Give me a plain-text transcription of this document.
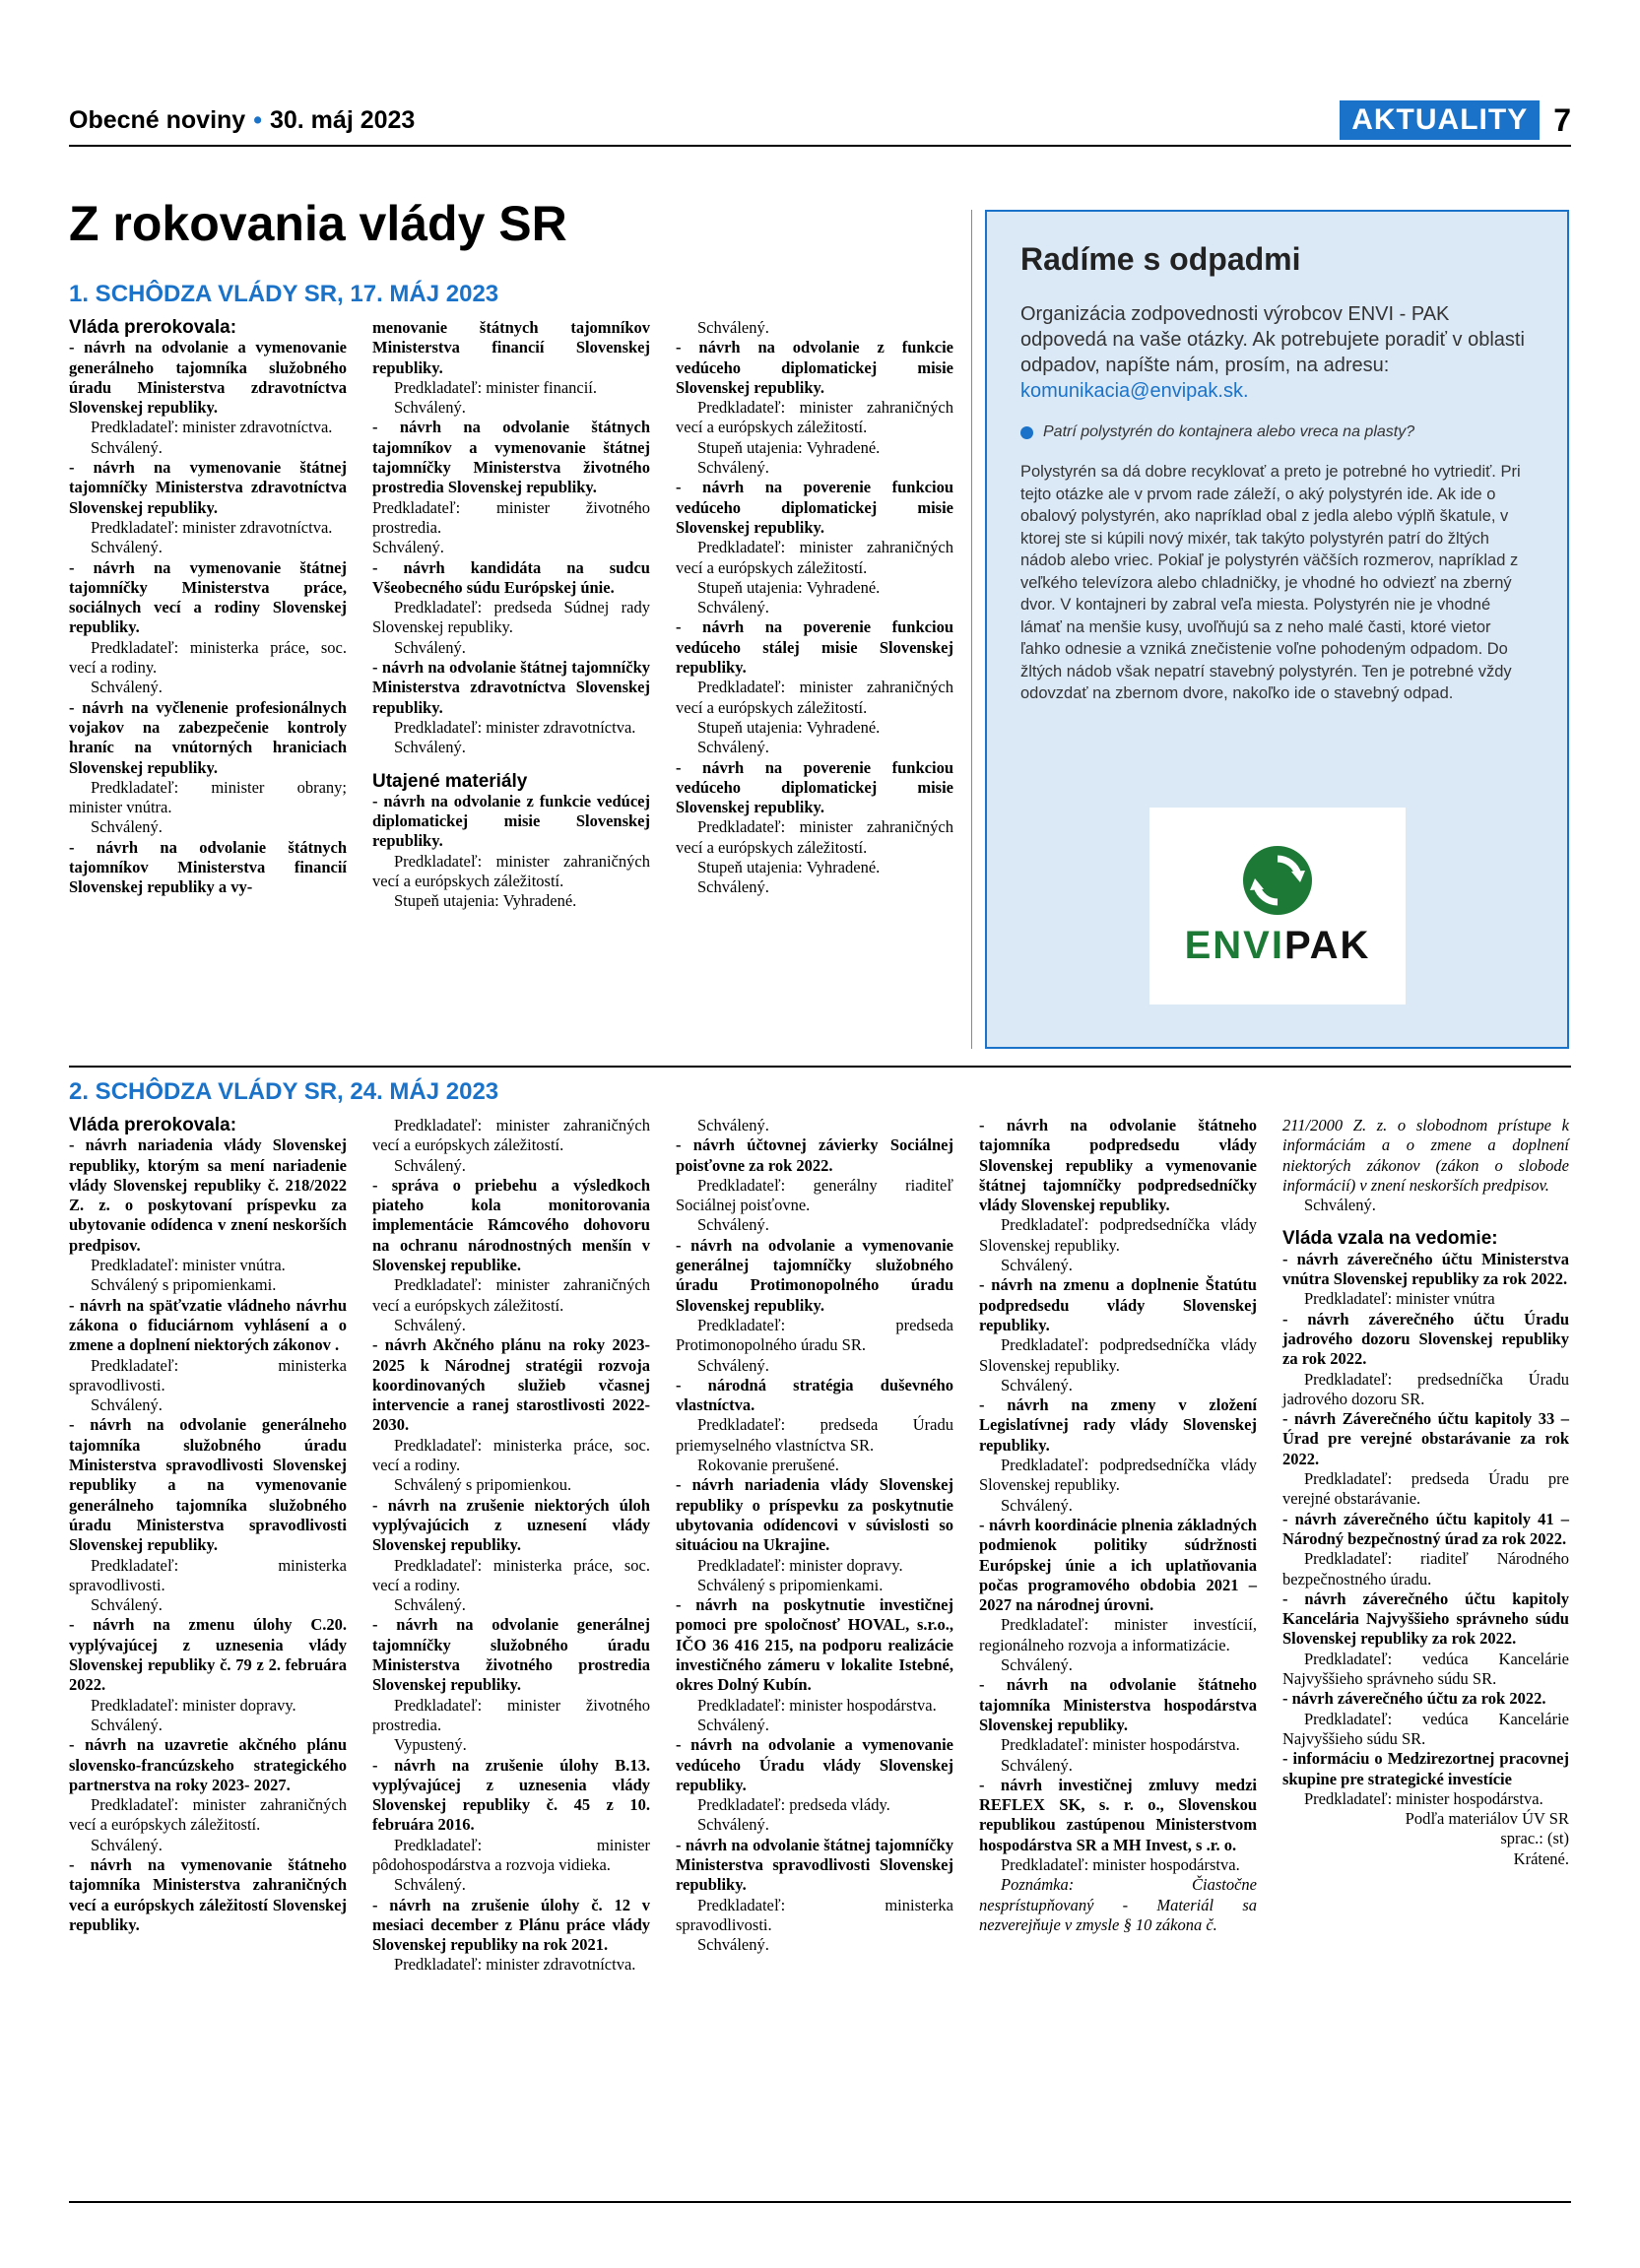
Obecné noviny • 30. máj 2023	AKTUALITY 7
Z rokovania vlády SR
1. SCHÔDZA VLÁDY SR, 17. MÁJ 2023

Vláda prerokovala:

- návrh na odvolanie a vymenovanie generálneho tajomníka služobného úradu Ministerstva zdravotníctva Slovenskej republiky.

Predkladateľ: minister zdravotníctva.

Schválený.

- návrh na vymenovanie štátnej tajomníčky Ministerstva zdravotníctva Slovenskej republiky.

Predkladateľ: minister zdravotníctva.

Schválený.

- návrh na vymenovanie štátnej tajomníčky Ministerstva práce, sociálnych vecí a rodiny Slovenskej republiky.

Predkladateľ: ministerka práce, soc. vecí a rodiny.

Schválený.

- návrh na vyčlenenie profesionálnych vojakov na zabezpečenie kontroly hraníc na vnútorných hraniciach Slovenskej republiky.

Predkladateľ: minister obrany; minister vnútra.

Schválený.

- návrh na odvolanie štátnych tajomníkov Ministerstva financií Slovenskej republiky a vy-

menovanie štátnych tajomníkov Ministerstva financií Slovenskej republiky.

Predkladateľ: minister financií.

Schválený.

- návrh na odvolanie štátnych tajomníkov a vymenovanie štátnej tajomníčky Ministerstva životného prostredia Slovenskej republiky.

Predkladateľ: minister životného prostredia.

Schválený.

- návrh kandidáta na sudcu Všeobecného súdu Európskej únie.

Predkladateľ: predseda Súdnej rady Slovenskej republiky.

Schválený.

- návrh na odvolanie štátnej tajomníčky Ministerstva zdravotníctva Slovenskej republiky.

Predkladateľ: minister zdravotníctva.

Schválený.

Utajené materiály

- návrh na odvolanie z funkcie vedúcej diplomatickej misie Slovenskej republiky.

Predkladateľ: minister zahraničných vecí a európskych záležitostí.

Stupeň utajenia: Vyhradené.

Schválený.

- návrh na odvolanie z funkcie vedúceho diplomatickej misie Slovenskej republiky.

Predkladateľ: minister zahraničných vecí a európskych záležitostí.

Stupeň utajenia: Vyhradené.

Schválený.

- návrh na poverenie funkciou vedúceho diplomatickej misie Slovenskej republiky.

Predkladateľ: minister zahraničných vecí a európskych záležitostí.

Stupeň utajenia: Vyhradené.

Schválený.

- návrh na poverenie funkciou vedúceho stálej misie Slovenskej republiky.

Predkladateľ: minister zahraničných vecí a európskych záležitostí.

Stupeň utajenia: Vyhradené.

Schválený.

- návrh na poverenie funkciou vedúceho diplomatickej misie Slovenskej republiky.

Predkladateľ: minister zahraničných vecí a európskych záležitostí.

Stupeň utajenia: Vyhradené.

Schválený.

Radíme s odpadmi

Organizácia zodpovednosti výrobcov ENVI - PAK odpovedá na vaše otázky. Ak potrebujete poradiť v oblasti odpadov, napíšte nám, prosím, na adresu: komunikacia@envipak.sk.

Patrí polystyrén do kontajnera alebo vreca na plasty?

Polystyrén sa dá dobre recyklovať a preto je potrebné ho vytriediť. Pri tejto otázke ale v prvom rade záleží, o aký polystyrén ide. Ak ide o obalový polystyrén, ako napríklad obal z jedla alebo výplň škatule, v ktorej ste si kúpili nový mixér, tak takýto polystyrén patrí do žltých nádob alebo vriec. Pokiaľ je polystyrén väčších rozmerov, napríklad z veľkého televízora alebo chladničky, je vhodné ho odviezť na zberný dvor. V kontajneri by zabral veľa miesta. Polystyrén nie je vhodné lámať na menšie kusy, uvoľňujú sa z neho malé časti, ktoré vietor ľahko odnesie a vzniká znečistenie voľne pohodeným odpadom. Do žltých nádob však nepatrí stavebný polystyrén. Ten je potrebné vždy odovzdať na zbernom dvore, nakoľko ide o stavebný odpad.

ENVIPAK
2. SCHÔDZA VLÁDY SR, 24. MÁJ 2023

Vláda prerokovala:

- návrh nariadenia vlády Slovenskej republiky, ktorým sa mení nariadenie vlády Slovenskej republiky č. 218/2022 Z. z. o poskytovaní príspevku za ubytovanie odídenca v znení neskorších predpisov.

Predkladateľ: minister vnútra.

Schválený s pripomienkami.

- návrh na späťvzatie vládneho návrhu zákona o fiduciárnom vyhlásení a o zmene a doplnení niektorých zákonov .

Predkladateľ: ministerka spravodlivosti.

Schválený.

- návrh na odvolanie generálneho tajomníka služobného úradu Ministerstva spravodlivosti Slovenskej republiky a na vymenovanie generálneho tajomníka služobného úradu Ministerstva spravodlivosti Slovenskej republiky.

Predkladateľ: ministerka spravodlivosti.

Schválený.

- návrh na zmenu úlohy C.20. vyplývajúcej z uznesenia vlády Slovenskej republiky č. 79 z 2. februára 2022.

Predkladateľ: minister dopravy.

Schválený.

- návrh na uzavretie akčného plánu slovensko-francúzskeho strategického partnerstva na roky 2023- 2027.

Predkladateľ: minister zahraničných vecí a európskych záležitostí.

Schválený.

- návrh na vymenovanie štátneho tajomníka Ministerstva zahraničných vecí a európskych záležitostí Slovenskej republiky.

Predkladateľ: minister zahraničných vecí a európskych záležitostí.

Schválený.

- správa o priebehu a výsledkoch piateho kola monitorovania implementácie Rámcového dohovoru na ochranu národnostných menšín v Slovenskej republike.

Predkladateľ: minister zahraničných vecí a európskych záležitostí.

Schválený.

- návrh Akčného plánu na roky 2023-2025 k Národnej stratégii rozvoja koordinovaných služieb včasnej intervencie a ranej starostlivosti 2022-2030.

Predkladateľ: ministerka práce, soc. vecí a rodiny.

Schválený s pripomienkou.

- návrh na zrušenie niektorých úloh vyplývajúcich z uznesení vlády Slovenskej republiky.

Predkladateľ: ministerka práce, soc. vecí a rodiny.

Schválený.

- návrh na odvolanie generálnej tajomníčky služobného úradu Ministerstva životného prostredia Slovenskej republiky.

Predkladateľ: minister životného prostredia.

Vypustený.

- návrh na zrušenie úlohy B.13. vyplývajúcej z uznesenia vlády Slovenskej republiky č. 45 z 10. februára 2016.

Predkladateľ: minister pôdohospodárstva a rozvoja vidieka.

Schválený.

- návrh na zrušenie úlohy č. 12 v mesiaci december z Plánu práce vlády Slovenskej republiky na rok 2021.

Predkladateľ: minister zdravotníctva.

Schválený.

- návrh účtovnej závierky Sociálnej poisťovne za rok 2022.

Predkladateľ: generálny riaditeľ Sociálnej poisťovne.

Schválený.

- návrh na odvolanie a vymenovanie generálnej tajomníčky služobného úradu Protimonopolného úradu Slovenskej republiky.

Predkladateľ: predseda Protimonopolného úradu SR.

Schválený.

- národná stratégia duševného vlastníctva.

Predkladateľ: predseda Úradu priemyselného vlastníctva SR.

Rokovanie prerušené.

- návrh nariadenia vlády Slovenskej republiky o príspevku za poskytnutie ubytovania odídencovi v súvislosti so situáciou na Ukrajine.

Predkladateľ: minister dopravy.

Schválený s pripomienkami.

- návrh na poskytnutie investičnej pomoci pre spoločnosť HOVAL, s.r.o., IČO 36 416 215, na podporu realizácie investičného zámeru v lokalite Istebné, okres Dolný Kubín.

Predkladateľ: minister hospodárstva.

Schválený.

- návrh na odvolanie a vymenovanie vedúceho Úradu vlády Slovenskej republiky.

Predkladateľ: predseda vlády.

Schválený.

- návrh na odvolanie štátnej tajomníčky Ministerstva spravodlivosti Slovenskej republiky.

Predkladateľ: ministerka spravodlivosti.

Schválený.

- návrh na odvolanie štátneho tajomníka podpredsedu vlády Slovenskej republiky a vymenovanie štátnej tajomníčky podpredsedníčky vlády Slovenskej republiky.

Predkladateľ: podpredsedníčka vlády Slovenskej republiky.

Schválený.

- návrh na zmenu a doplnenie Štatútu podpredsedu vlády Slovenskej republiky.

Predkladateľ: podpredsedníčka vlády Slovenskej republiky.

Schválený.

- návrh na zmeny v zložení Legislatívnej rady vlády Slovenskej republiky.

Predkladateľ: podpredsedníčka vlády Slovenskej republiky.

Schválený.

- návrh koordinácie plnenia základných podmienok politiky súdržnosti Európskej únie a ich uplatňovania počas programového obdobia 2021 – 2027 na národnej úrovni.

Predkladateľ: minister investícií, regionálneho rozvoja a informatizácie.

Schválený.

- návrh na odvolanie štátneho tajomníka Ministerstva hospodárstva Slovenskej republiky.

Predkladateľ: minister hospodárstva.

Schválený.

- návrh investičnej zmluvy medzi REFLEX SK, s. r. o., Slovenskou republikou zastúpenou Ministerstvom hospodárstva SR a MH Invest, s .r. o.

Predkladateľ: minister hospodárstva.

Poznámka: Čiastočne nesprístupňovaný - Materiál sa nezverejňuje v zmysle § 10 zákona č.

211/2000 Z. z. o slobodnom prístupe k informáciám a o zmene a doplnení niektorých zákonov (zákon o slobode informácií) v znení neskorších predpisov.

Schválený.

Vláda vzala na vedomie:

- návrh záverečného účtu Ministerstva vnútra Slovenskej republiky za rok 2022.

Predkladateľ: minister vnútra

- návrh záverečného účtu Úradu jadrového dozoru Slovenskej republiky za rok 2022.

Predkladateľ: predsedníčka Úradu jadrového dozoru SR.

- návrh Záverečného účtu kapitoly 33 – Úrad pre verejné obstarávanie za rok 2022.

Predkladateľ: predseda Úradu pre verejné obstarávanie.

- návrh záverečného účtu kapitoly 41 – Národný bezpečnostný úrad za rok 2022.

Predkladateľ: riaditeľ Národného bezpečnostného úradu.

- návrh záverečného účtu kapitoly Kancelária Najvyššieho správneho súdu Slovenskej republiky za rok 2022.

Predkladateľ: vedúca Kancelárie Najvyššieho správneho súdu SR.

- návrh záverečného účtu za rok 2022.

Predkladateľ: vedúca Kancelárie Najvyššieho súdu SR.

- informáciu o Medzirezortnej pracovnej skupine pre strategické investície

Predkladateľ: minister hospodárstva.

Podľa materiálov ÚV SR

sprac.: (st)

Krátené.
